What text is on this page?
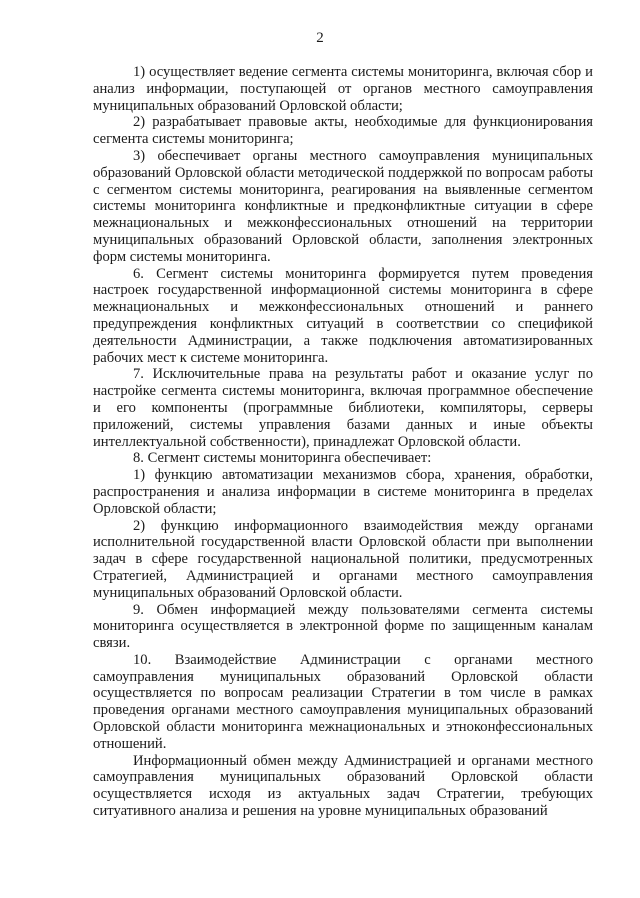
2

1) осуществляет ведение сегмента системы мониторинга, включая сбор и анализ информации, поступающей от органов местного самоуправления муниципальных образований Орловской области;

2) разрабатывает правовые акты, необходимые для функционирования сегмента системы мониторинга;

3) обеспечивает органы местного самоуправления муниципальных образований Орловской области методической поддержкой по вопросам работы с сегментом системы мониторинга, реагирования на выявленные сегментом системы мониторинга конфликтные и предконфликтные ситуации в сфере межнациональных и межконфессиональных отношений на территории муниципальных образований Орловской области, заполнения электронных форм системы мониторинга.

6. Сегмент системы мониторинга формируется путем проведения настроек государственной информационной системы мониторинга в сфере межнациональных и межконфессиональных отношений и раннего предупреждения конфликтных ситуаций в соответствии со спецификой деятельности Администрации, а также подключения автоматизированных рабочих мест к системе мониторинга.

7. Исключительные права на результаты работ и оказание услуг по настройке сегмента системы мониторинга, включая программное обеспечение и его компоненты (программные библиотеки, компиляторы, серверы приложений, системы управления базами данных и иные объекты интеллектуальной собственности), принадлежат Орловской области.

8. Сегмент системы мониторинга обеспечивает:

1) функцию автоматизации механизмов сбора, хранения, обработки, распространения и анализа информации в системе мониторинга в пределах Орловской области;

2) функцию информационного взаимодействия между органами исполнительной государственной власти Орловской области при выполнении задач в сфере государственной национальной политики, предусмотренных Стратегией, Администрацией и органами местного самоуправления муниципальных образований Орловской области.

9. Обмен информацией между пользователями сегмента системы мониторинга осуществляется в электронной форме по защищенным каналам связи.

10. Взаимодействие Администрации с органами местного самоуправления муниципальных образований Орловской области осуществляется по вопросам реализации Стратегии в том числе в рамках проведения органами местного самоуправления муниципальных образований Орловской области мониторинга межнациональных и этноконфессиональных отношений.

Информационный обмен между Администрацией и органами местного самоуправления муниципальных образований Орловской области осуществляется исходя из актуальных задач Стратегии, требующих ситуативного анализа и решения на уровне муниципальных образований
